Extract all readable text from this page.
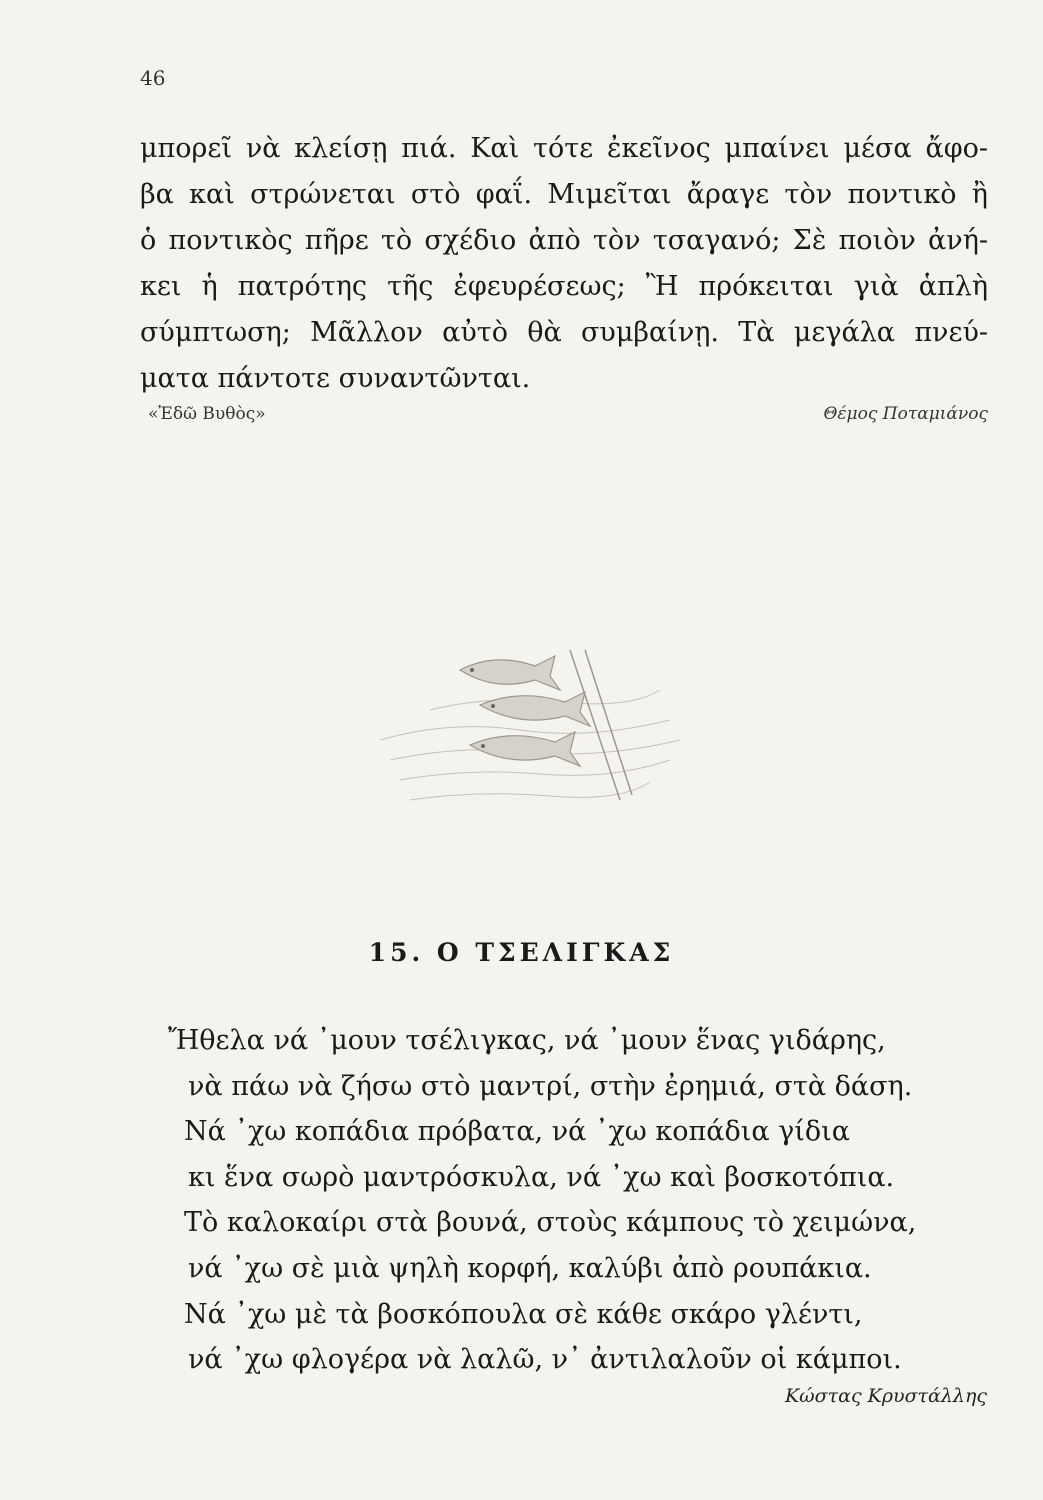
46
μπορεῖ νὰ κλείσῃ πιά. Καὶ τότε ἐκεῖνος μπαίνει μέσα ἄφο-
βα καὶ στρώνεται στὸ φαΐ. Μιμεῖται ἄραγε τὸν ποντικὸ ἢ
ὁ ποντικὸς πῆρε τὸ σχέδιο ἀπὸ τὸν τσαγανό; Σὲ ποιὸν ἀνή-
κει ἡ πατρότης τῆς ἐφευρέσεως; Ἢ πρόκειται γιὰ ἁπλὴ
σύμπτωση; Μᾶλλον αὐτὸ θὰ συμβαίνῃ. Τὰ μεγάλα πνεύ-
ματα πάντοτε συναντῶνται.
«Ἐδῶ Βυθὸς»	Θέμος Ποταμιάνος
15. Ο ΤΣΕΛΙΓΚΑΣ
Ἤθελα νά ᾽μουν τσέλιγκας, νά ᾽μουν ἕνας γιδάρης,
νὰ πάω νὰ ζήσω στὸ μαντρί, στὴν ἐρημιά, στὰ δάση.
Νά ᾽χω κοπάδια πρόβατα, νά ᾽χω κοπάδια γίδια
κι ἕνα σωρὸ μαντρόσκυλα, νά ᾽χω καὶ βοσκοτόπια.
Τὸ καλοκαίρι στὰ βουνά, στοὺς κάμπους τὸ χειμώνα,
νά ᾽χω σὲ μιὰ ψηλὴ κορφή, καλύβι ἀπὸ ρουπάκια.
Νά ᾽χω μὲ τὰ βοσκόπουλα σὲ κάθε σκάρο γλέντι,
νά ᾽χω φλογέρα νὰ λαλῶ, ν᾽ ἀντιλαλοῦν οἱ κάμποι.
Κώστας Κρυστάλλης
